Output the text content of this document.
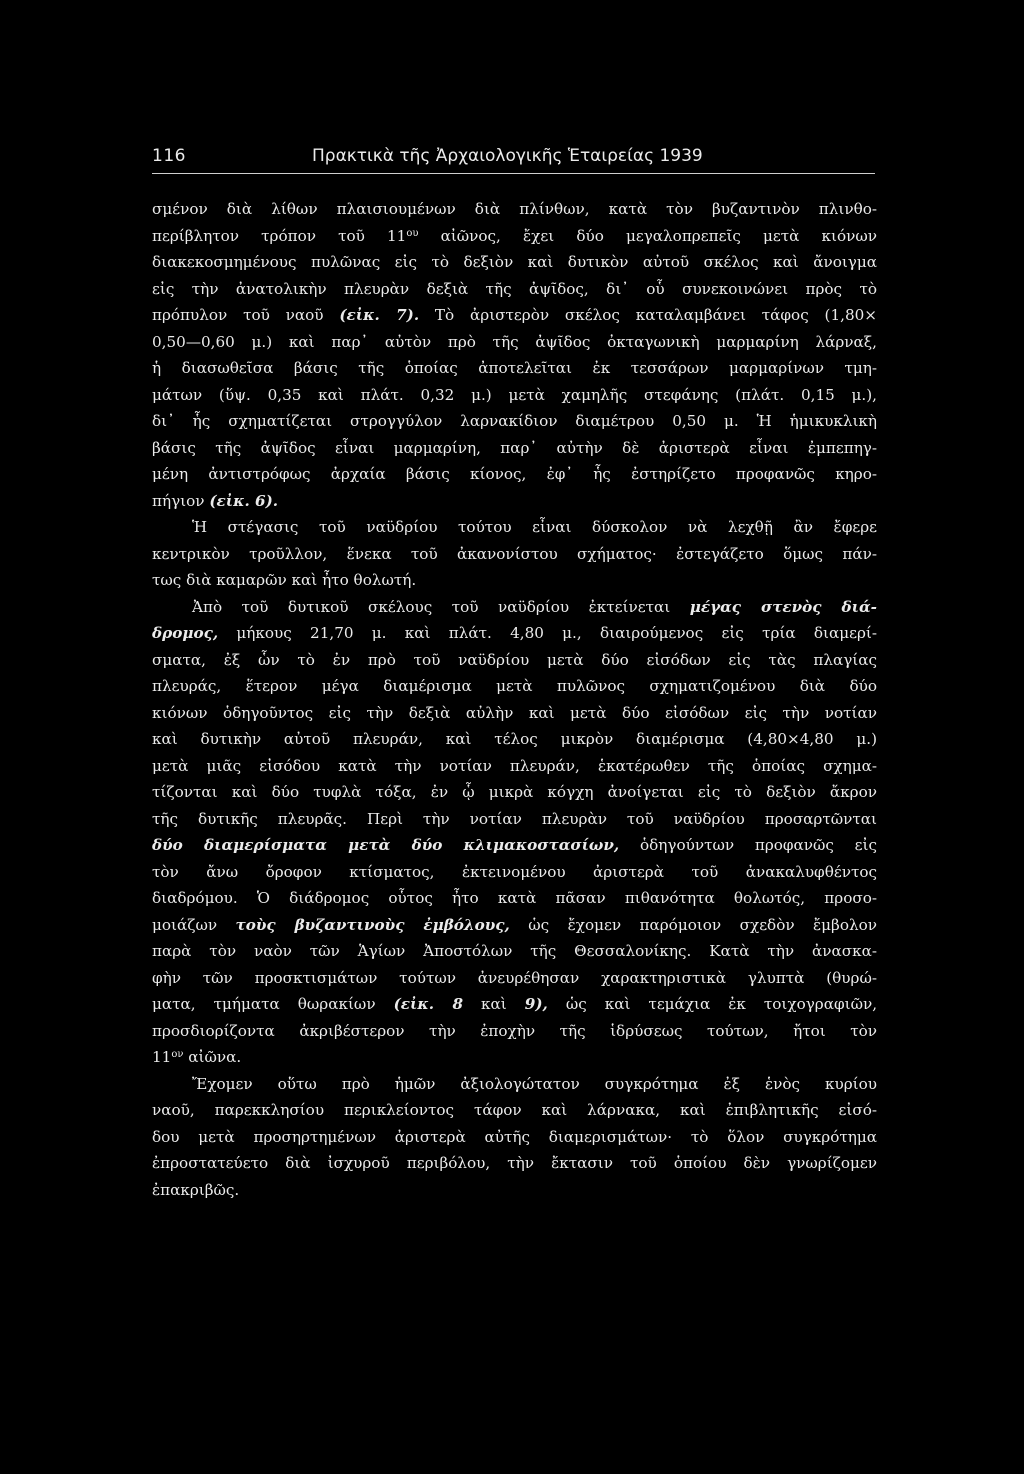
116	Πρακτικὰ τῆς Ἀρχαιολογικῆς Ἑταιρείας 1939
σμένον διὰ λίθων πλαισιουμένων διὰ πλίνθων, κατὰ τὸν βυζαντινὸν πλινθο-
περίβλητον τρόπον τοῦ $11^{o\upsilon}$ αἰῶνος, ἔχει δύο μεγαλοπρεπεῖς μετὰ κιόνων
διακεκοσμημένους πυλῶνας εἰς τὸ δεξιὸν καὶ δυτικὸν αὐτοῦ σκέλος καὶ ἄνοιγμα
εἰς τὴν ἀνατολικὴν πλευρὰν δεξιὰ τῆς ἀψῖδος, δι᾽ οὗ συνεκοινώνει πρὸς τὸ
πρόπυλον τοῦ ναοῦ (εἰκ. 7). Τὸ ἀριστερὸν σκέλος καταλαμβάνει τάφος (1,80×
0,50—0,60 μ.) καὶ παρ᾽ αὐτὸν πρὸ τῆς ἀψῖδος ὀκταγωνικὴ μαρμαρίνη λάρναξ,
ἡ διασωθεῖσα βάσις τῆς ὁποίας ἀποτελεῖται ἐκ τεσσάρων μαρμαρίνων τμη-
μάτων (ὕψ. 0,35 καὶ πλάτ. 0,32 μ.) μετὰ χαμηλῆς στεφάνης (πλάτ. 0,15 μ.),
δι᾽ ἧς σχηματίζεται στρογγύλον λαρνακίδιον διαμέτρου 0,50 μ. Ἡ ἡμικυκλικὴ
βάσις τῆς ἀψῖδος εἶναι μαρμαρίνη, παρ᾽ αὐτὴν δὲ ἀριστερὰ εἶναι ἐμπεπηγ-
μένη ἀντιστρόφως ἀρχαία βάσις κίονος, ἐφ᾽ ἧς ἐστηρίζετο προφανῶς κηρο-
πήγιον (εἰκ. 6).
Ἡ στέγασις τοῦ ναϋδρίου τούτου εἶναι δύσκολον νὰ λεχθῇ ἂν ἔφερε
κεντρικὸν τροῦλλον, ἕνεκα τοῦ ἀκανονίστου σχήματος· ἐστεγάζετο ὅμως πάν-
τως διὰ καμαρῶν καὶ ἦτο θολωτή.
Ἀπὸ τοῦ δυτικοῦ σκέλους τοῦ ναϋδρίου ἐκτείνεται μέγας στενὸς διά-
δρομος, μήκους 21,70 μ. καὶ πλάτ. 4,80 μ., διαιρούμενος εἰς τρία διαμερί-
σματα, ἐξ ὧν τὸ ἐν πρὸ τοῦ ναϋδρίου μετὰ δύο εἰσόδων εἰς τὰς πλαγίας
πλευράς, ἕτερον μέγα διαμέρισμα μετὰ πυλῶνος σχηματιζομένου διὰ δύο
κιόνων ὁδηγοῦντος εἰς τὴν δεξιὰ αὐλὴν καὶ μετὰ δύο εἰσόδων εἰς τὴν νοτίαν
καὶ δυτικὴν αὐτοῦ πλευράν, καὶ τέλος μικρὸν διαμέρισμα (4,80×4,80 μ.)
μετὰ μιᾶς εἰσόδου κατὰ τὴν νοτίαν πλευράν, ἑκατέρωθεν τῆς ὁποίας σχημα-
τίζονται καὶ δύο τυφλὰ τόξα, ἐν ᾧ μικρὰ κόγχη ἀνοίγεται εἰς τὸ δεξιὸν ἄκρον
τῆς δυτικῆς πλευρᾶς. Περὶ τὴν νοτίαν πλευρὰν τοῦ ναϋδρίου προσαρτῶνται
δύο διαμερίσματα μετὰ δύο κλιμακοστασίων, ὁδηγούντων προφανῶς εἰς
τὸν ἄνω ὄροφον κτίσματος, ἐκτεινομένου ἀριστερὰ τοῦ ἀνακαλυφθέντος
διαδρόμου. Ὁ διάδρομος οὗτος ἦτο κατὰ πᾶσαν πιθανότητα θολωτός, προσο-
μοιάζων τοὺς βυζαντινοὺς ἐμβόλους, ὡς ἔχομεν παρόμοιον σχεδὸν ἔμβολον
παρὰ τὸν ναὸν τῶν Ἁγίων Ἀποστόλων τῆς Θεσσαλονίκης. Κατὰ τὴν ἀνασκα-
φὴν τῶν προσκτισμάτων τούτων ἀνευρέθησαν χαρακτηριστικὰ γλυπτὰ (θυρώ-
ματα, τμήματα θωρακίων (εἰκ. 8 καὶ 9), ὡς καὶ τεμάχια ἐκ τοιχογραφιῶν,
προσδιορίζοντα ἀκριβέστερον τὴν ἐποχὴν τῆς ἱδρύσεως τούτων, ἤτοι τὸν
$11^{o\nu}$ αἰῶνα.
Ἔχομεν οὕτω πρὸ ἡμῶν ἀξιολογώτατον συγκρότημα ἐξ ἑνὸς κυρίου
ναοῦ, παρεκκλησίου περικλείοντος τάφον καὶ λάρνακα, καὶ ἐπιβλητικῆς εἰσό-
δου μετὰ προσηρτημένων ἀριστερὰ αὐτῆς διαμερισμάτων· τὸ ὅλον συγκρότημα
ἐπροστατεύετο διὰ ἰσχυροῦ περιβόλου, τὴν ἔκτασιν τοῦ ὁποίου δὲν γνωρίζομεν
ἐπακριβῶς.
